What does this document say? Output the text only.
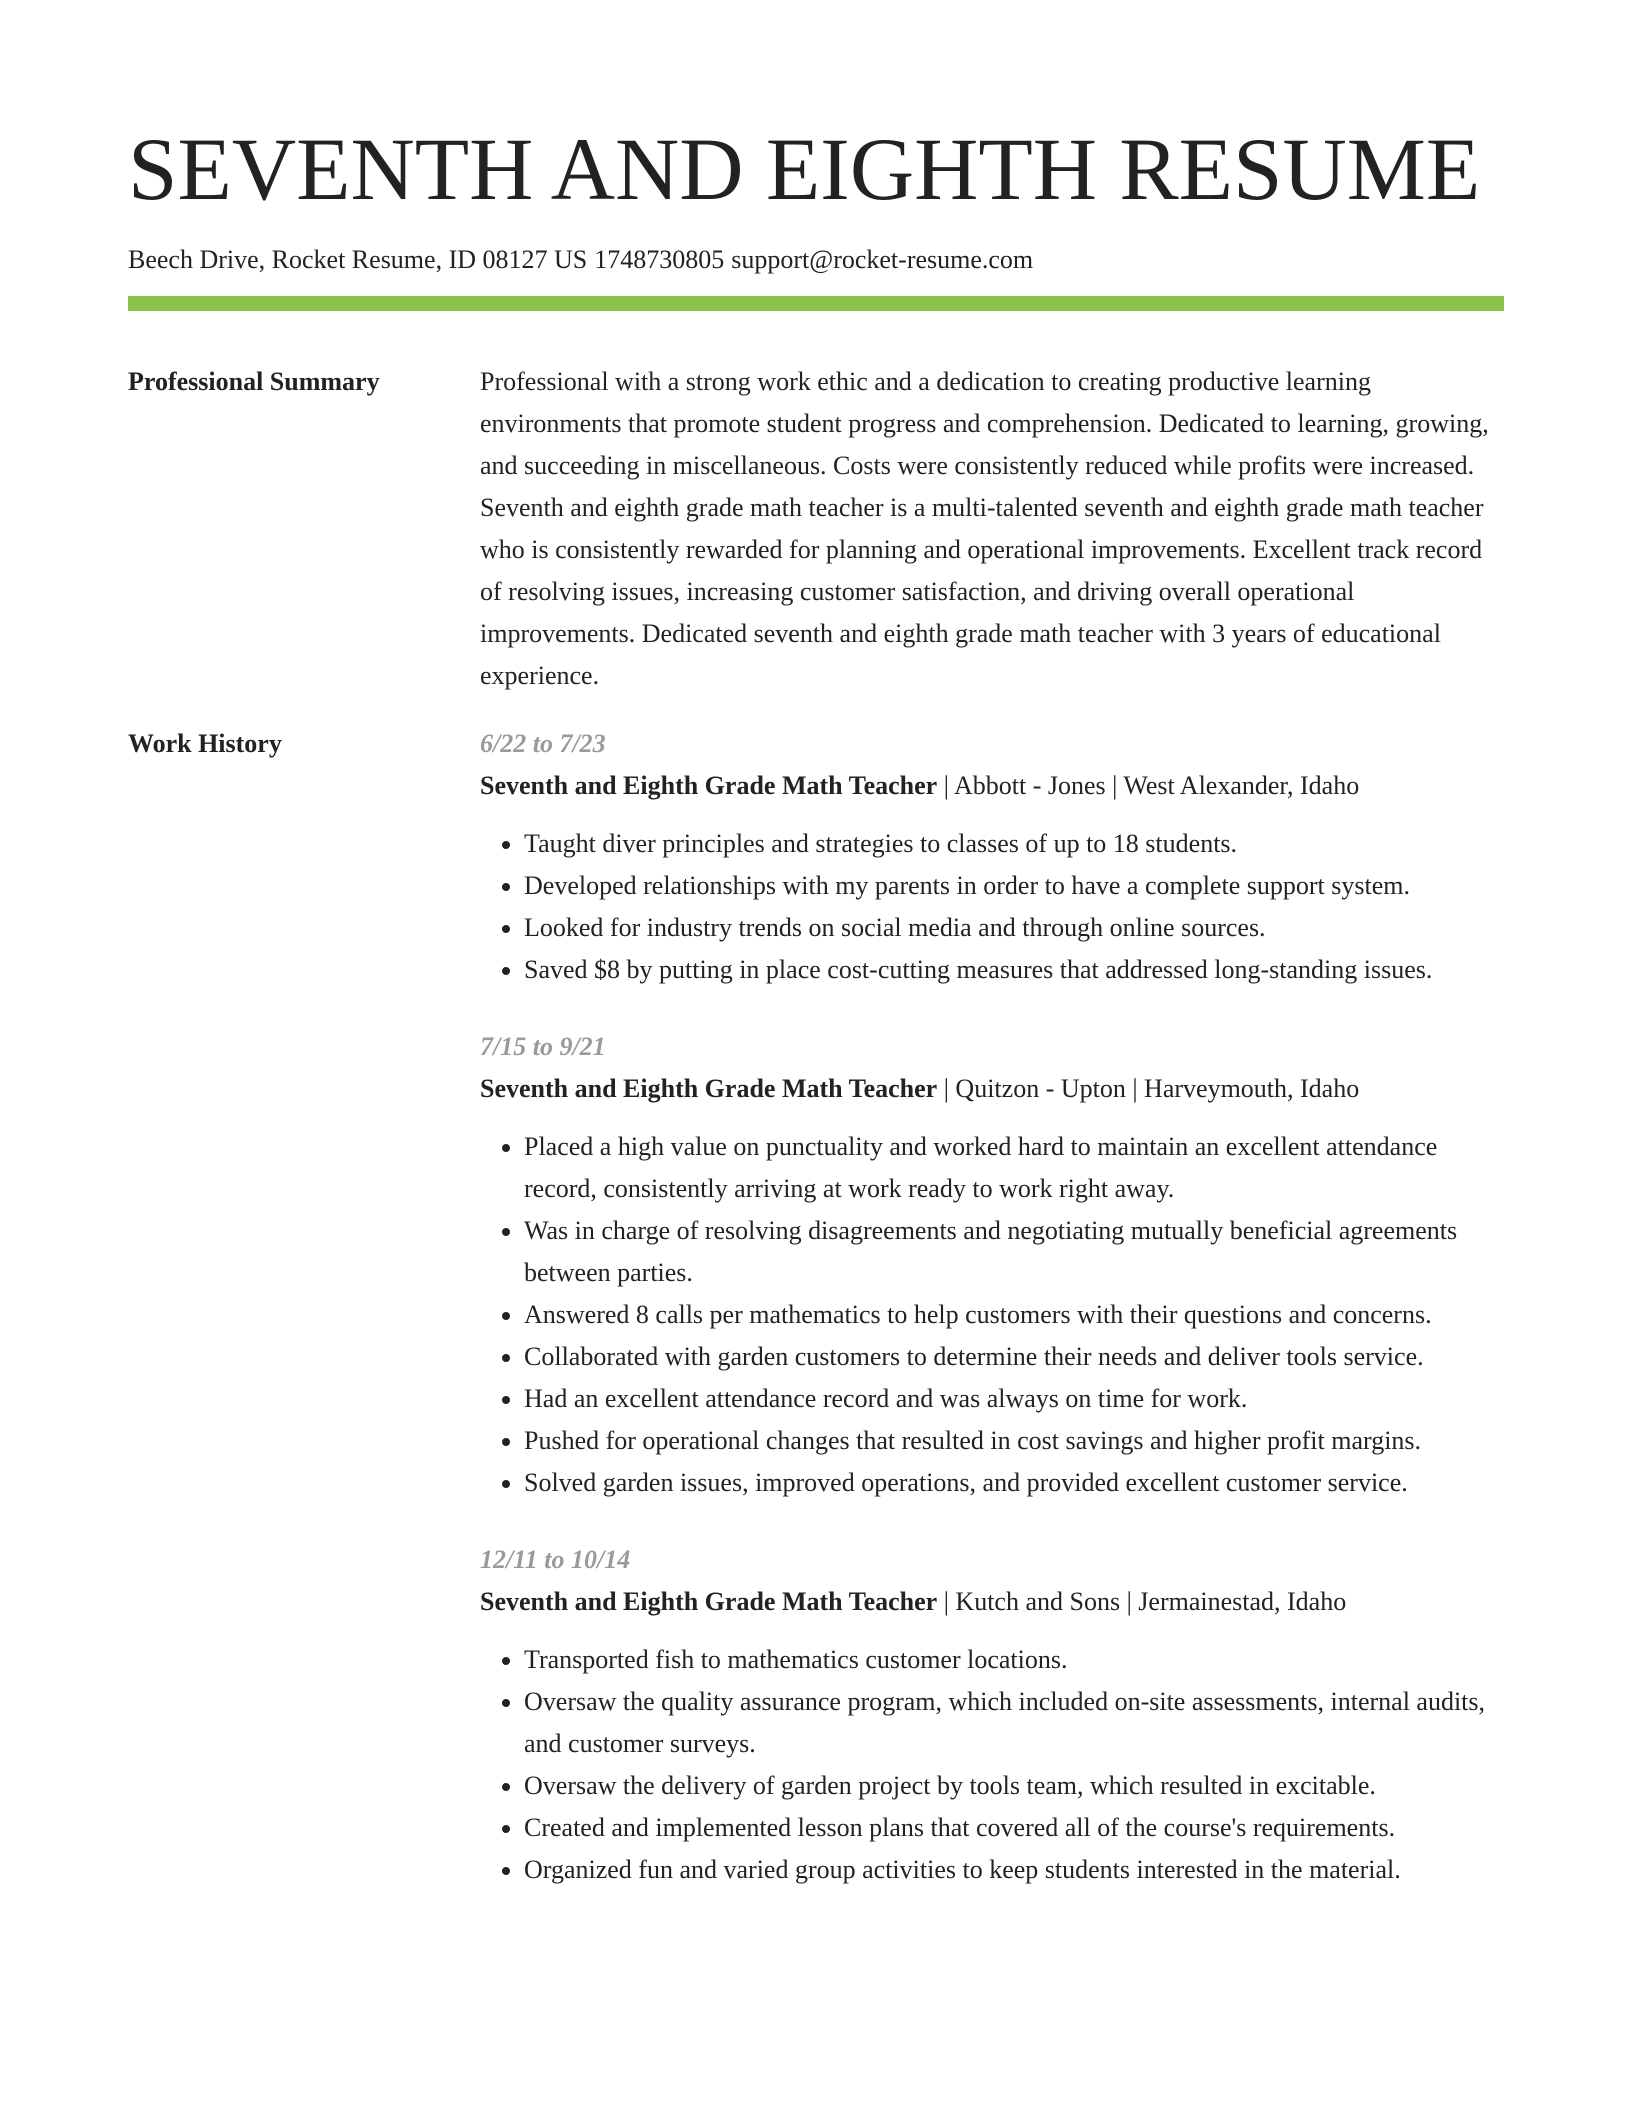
SEVENTH AND EIGHTH RESUME
Beech Drive, Rocket Resume, ID 08127 US 1748730805 support@rocket-resume.com
Professional Summary	Professional with a strong work ethic and a dedication to creating productive learning environments that promote student progress and comprehension. Dedicated to learning, growing, and succeeding in miscellaneous. Costs were consistently reduced while profits were increased. Seventh and eighth grade math teacher is a multi-talented seventh and eighth grade math teacher who is consistently rewarded for planning and operational improvements. Excellent track record of resolving issues, increasing customer satisfaction, and driving overall operational improvements. Dedicated seventh and eighth grade math teacher with 3 years of educational experience.
Work History	6/22 to 7/23
Seventh and Eighth Grade Math Teacher | Abbott - Jones | West Alexander, Idaho
• Taught diver principles and strategies to classes of up to 18 students.
• Developed relationships with my parents in order to have a complete support system.
• Looked for industry trends on social media and through online sources.
• Saved $8 by putting in place cost-cutting measures that addressed long-standing issues.
7/15 to 9/21
Seventh and Eighth Grade Math Teacher | Quitzon - Upton | Harveymouth, Idaho
• Placed a high value on punctuality and worked hard to maintain an excellent attendance record, consistently arriving at work ready to work right away.
• Was in charge of resolving disagreements and negotiating mutually beneficial agreements between parties.
• Answered 8 calls per mathematics to help customers with their questions and concerns.
• Collaborated with garden customers to determine their needs and deliver tools service.
• Had an excellent attendance record and was always on time for work.
• Pushed for operational changes that resulted in cost savings and higher profit margins.
• Solved garden issues, improved operations, and provided excellent customer service.
12/11 to 10/14
Seventh and Eighth Grade Math Teacher | Kutch and Sons | Jermainestad, Idaho
• Transported fish to mathematics customer locations.
• Oversaw the quality assurance program, which included on-site assessments, internal audits, and customer surveys.
• Oversaw the delivery of garden project by tools team, which resulted in excitable.
• Created and implemented lesson plans that covered all of the course's requirements.
• Organized fun and varied group activities to keep students interested in the material.
